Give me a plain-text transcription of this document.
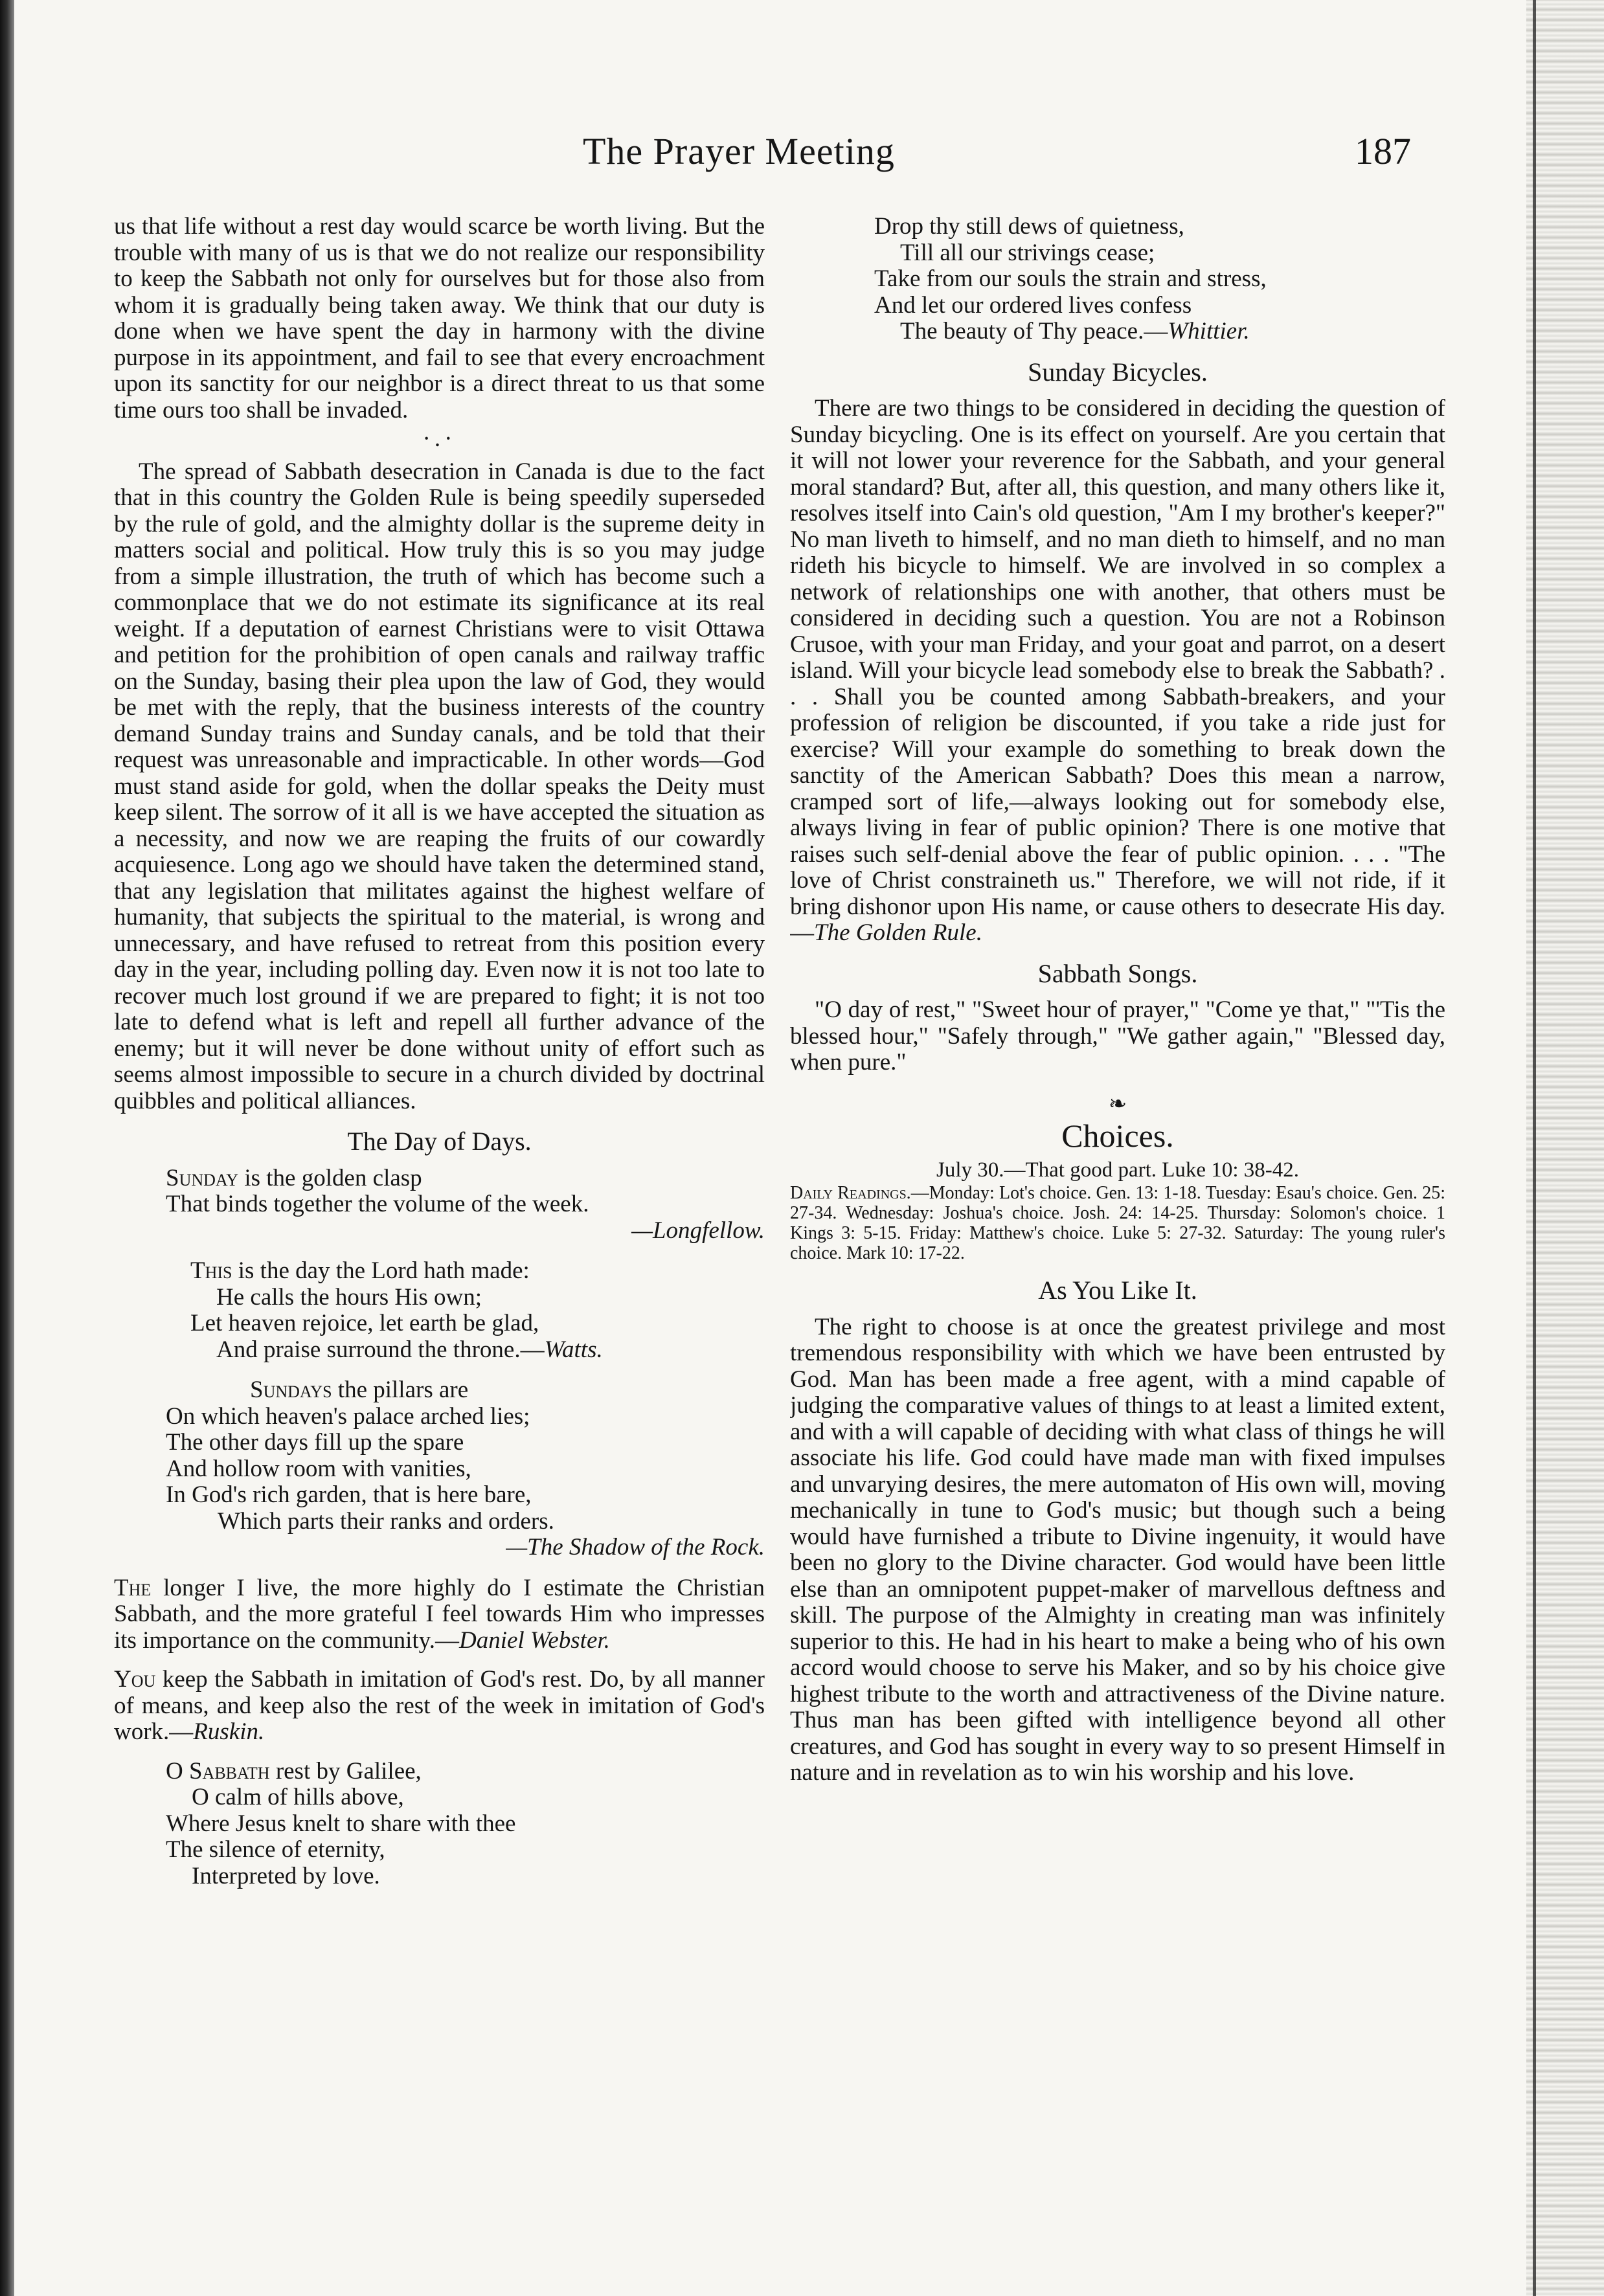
The Prayer Meeting	187

us that life without a rest day would scarce be worth living. But the trouble with many of us is that we do not realize our responsibility to keep the Sabbath not only for ourselves but for those also from whom it is gradually being taken away. We think that our duty is done when we have spent the day in harmony with the divine purpose in its appointment, and fail to see that every encroachment upon its sanctity for our neighbor is a direct threat to us that some time ours too shall be invaded.

·.·

The spread of Sabbath desecration in Canada is due to the fact that in this country the Golden Rule is being speedily superseded by the rule of gold, and the almighty dollar is the supreme deity in matters social and political. How truly this is so you may judge from a simple illustration, the truth of which has become such a commonplace that we do not estimate its significance at its real weight. If a deputation of earnest Christians were to visit Ottawa and petition for the prohibition of open canals and railway traffic on the Sunday, basing their plea upon the law of God, they would be met with the reply, that the business interests of the country demand Sunday trains and Sunday canals, and be told that their request was unreasonable and impracticable. In other words—God must stand aside for gold, when the dollar speaks the Deity must keep silent. The sorrow of it all is we have accepted the situation as a necessity, and now we are reaping the fruits of our cowardly acquiesence. Long ago we should have taken the determined stand, that any legislation that militates against the highest welfare of humanity, that subjects the spiritual to the material, is wrong and unnecessary, and have refused to retreat from this position every day in the year, including polling day. Even now it is not too late to recover much lost ground if we are prepared to fight; it is not too late to defend what is left and repell all further advance of the enemy; but it will never be done without unity of effort such as seems almost impossible to secure in a church divided by doctrinal quibbles and political alliances.

The Day of Days.
Sunday is the golden clasp
That binds together the volume of the week.
—Longfellow.
This is the day the Lord hath made:
He calls the hours His own;
Let heaven rejoice, let earth be glad,
And praise surround the throne.—Watts.
Sundays the pillars are
On which heaven's palace arched lies;
The other days fill up the spare
And hollow room with vanities,
In God's rich garden, that is here bare,
Which parts their ranks and orders.
—The Shadow of the Rock.

The longer I live, the more highly do I estimate the Christian Sabbath, and the more grateful I feel towards Him who impresses its importance on the community.—Daniel Webster.

You keep the Sabbath in imitation of God's rest. Do, by all manner of means, and keep also the rest of the week in imitation of God's work.—Ruskin.

O Sabbath rest by Galilee,
O calm of hills above,
Where Jesus knelt to share with thee
The silence of eternity,
Interpreted by love.
Drop thy still dews of quietness,
Till all our strivings cease;
Take from our souls the strain and stress,
And let our ordered lives confess
The beauty of Thy peace.—Whittier.
Sunday Bicycles.

There are two things to be considered in deciding the question of Sunday bicycling. One is its effect on yourself. Are you certain that it will not lower your reverence for the Sabbath, and your general moral standard? But, after all, this question, and many others like it, resolves itself into Cain's old question, "Am I my brother's keeper?" No man liveth to himself, and no man dieth to himself, and no man rideth his bicycle to himself. We are involved in so complex a network of relationships one with another, that others must be considered in deciding such a question. You are not a Robinson Crusoe, with your man Friday, and your goat and parrot, on a desert island. Will your bicycle lead somebody else to break the Sabbath? . . . Shall you be counted among Sabbath-breakers, and your profession of religion be discounted, if you take a ride just for exercise? Will your example do something to break down the sanctity of the American Sabbath? Does this mean a narrow, cramped sort of life,—always looking out for somebody else, always living in fear of public opinion? There is one motive that raises such self-denial above the fear of public opinion. . . . "The love of Christ constraineth us." Therefore, we will not ride, if it bring dishonor upon His name, or cause others to desecrate His day.—The Golden Rule.

Sabbath Songs.

"O day of rest," "Sweet hour of prayer," "Come ye that," "'Tis the blessed hour," "Safely through," "We gather again," "Blessed day, when pure."

❧
Choices.
July 30.—That good part. Luke 10: 38-42.

Daily Readings.—Monday: Lot's choice. Gen. 13: 1-18. Tuesday: Esau's choice. Gen. 25: 27-34. Wednesday: Joshua's choice. Josh. 24: 14-25. Thursday: Solomon's choice. 1 Kings 3: 5-15. Friday: Matthew's choice. Luke 5: 27-32. Saturday: The young ruler's choice. Mark 10: 17-22.

As You Like It.

The right to choose is at once the greatest privilege and most tremendous responsibility with which we have been entrusted by God. Man has been made a free agent, with a mind capable of judging the comparative values of things to at least a limited extent, and with a will capable of deciding with what class of things he will associate his life. God could have made man with fixed impulses and unvarying desires, the mere automaton of His own will, moving mechanically in tune to God's music; but though such a being would have furnished a tribute to Divine ingenuity, it would have been no glory to the Divine character. God would have been little else than an omnipotent puppet-maker of marvellous deftness and skill. The purpose of the Almighty in creating man was infinitely superior to this. He had in his heart to make a being who of his own accord would choose to serve his Maker, and so by his choice give highest tribute to the worth and attractiveness of the Divine nature. Thus man has been gifted with intelligence beyond all other creatures, and God has sought in every way to so present Himself in nature and in revelation as to win his worship and his love.
